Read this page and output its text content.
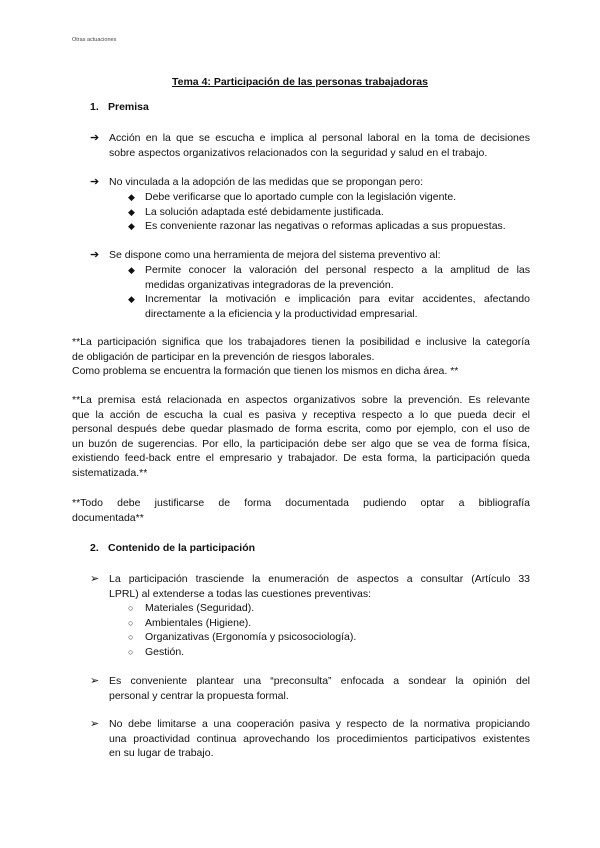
Otras actuaciones
Tema 4: Participación de las personas trabajadoras
1. Premisa
➔ Acción en la que se escucha e implica al personal laboral en la toma de decisiones
sobre aspectos organizativos relacionados con la seguridad y salud en el trabajo.
➔ No vinculada a la adopción de las medidas que se propongan pero:
◆ Debe verificarse que lo aportado cumple con la legislación vigente.
◆ La solución adaptada esté debidamente justificada.
◆ Es conveniente razonar las negativas o reformas aplicadas a sus propuestas.
➔ Se dispone como una herramienta de mejora del sistema preventivo al:
◆ Permite conocer la valoración del personal respecto a la amplitud de las
medidas organizativas integradoras de la prevención.
◆ Incrementar la motivación e implicación para evitar accidentes, afectando
directamente a la eficiencia y la productividad empresarial.
**La participación significa que los trabajadores tienen la posibilidad e inclusive la categoría
de obligación de participar en la prevención de riesgos laborales.
Como problema se encuentra la formación que tienen los mismos en dicha área. **
**La premisa está relacionada en aspectos organizativos sobre la prevención. Es relevante
que la acción de escucha la cual es pasiva y receptiva respecto a lo que pueda decir el
personal después debe quedar plasmado de forma escrita, como por ejemplo, con el uso de
un buzón de sugerencias. Por ello, la participación debe ser algo que se vea de forma física,
existiendo feed-back entre el empresario y trabajador. De esta forma, la participación queda
sistematizada.**
**Todo debe justificarse de forma documentada pudiendo optar a bibliografía
documentada**
2. Contenido de la participación
➢ La participación trasciende la enumeración de aspectos a consultar (Artículo 33
LPRL) al extenderse a todas las cuestiones preventivas:
○ Materiales (Seguridad).
○ Ambientales (Higiene).
○ Organizativas (Ergonomía y psicosociología).
○ Gestión.
➢ Es conveniente plantear una “preconsulta” enfocada a sondear la opinión del
personal y centrar la propuesta formal.
➢ No debe limitarse a una cooperación pasiva y respecto de la normativa propiciando
una proactividad continua aprovechando los procedimientos participativos existentes
en su lugar de trabajo.
